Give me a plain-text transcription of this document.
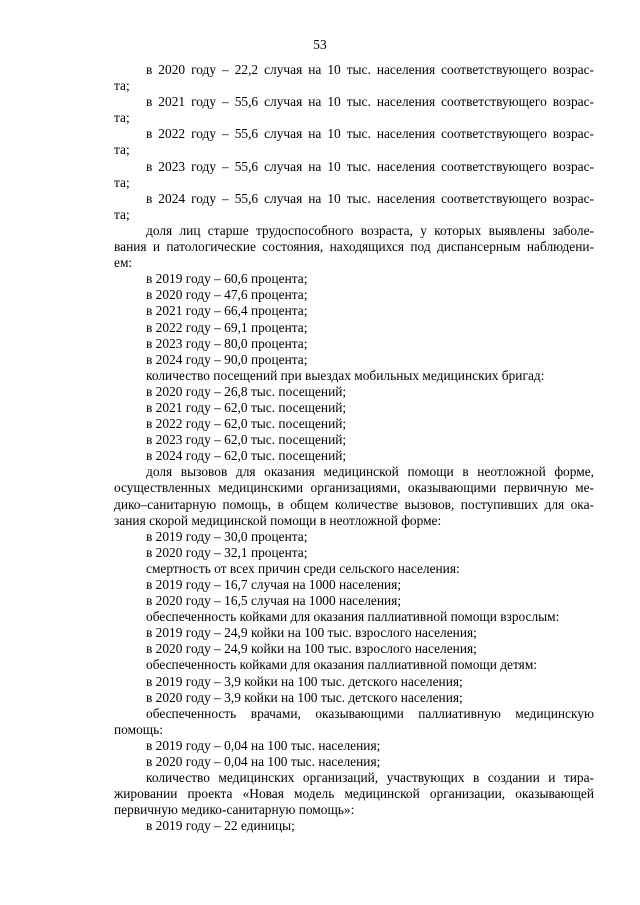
53
в 2020 году – 22,2 случая на 10 тыс. населения соответствующего возрас-
та;
в 2021 году – 55,6 случая на 10 тыс. населения соответствующего возрас-
та;
в 2022 году – 55,6 случая на 10 тыс. населения соответствующего возрас-
та;
в 2023 году – 55,6 случая на 10 тыс. населения соответствующего возрас-
та;
в 2024 году – 55,6 случая на 10 тыс. населения соответствующего возрас-
та;
доля лиц старше трудоспособного возраста, у которых выявлены заболе-
вания и патологические состояния, находящихся под диспансерным наблюдени-
ем:
в 2019 году – 60,6 процента;
в 2020 году – 47,6 процента;
в 2021 году – 66,4 процента;
в 2022 году – 69,1 процента;
в 2023 году – 80,0 процента;
в 2024 году – 90,0 процента;
количество посещений при выездах мобильных медицинских бригад:
в 2020 году – 26,8 тыс. посещений;
в 2021 году – 62,0 тыс. посещений;
в 2022 году – 62,0 тыс. посещений;
в 2023 году – 62,0 тыс. посещений;
в 2024 году – 62,0 тыс. посещений;
доля вызовов для оказания медицинской помощи в неотложной форме,
осуществленных медицинскими организациями, оказывающими первичную ме-
дико–санитарную помощь, в общем количестве вызовов, поступивших для ока-
зания скорой медицинской помощи в неотложной форме:
в 2019 году – 30,0 процента;
в 2020 году – 32,1 процента;
смертность от всех причин среди сельского населения:
в 2019 году – 16,7 случая на 1000 населения;
в 2020 году – 16,5 случая на 1000 населения;
обеспеченность койками для оказания паллиативной помощи взрослым:
в 2019 году – 24,9 койки на 100 тыс. взрослого населения;
в 2020 году – 24,9 койки на 100 тыс. взрослого населения;
обеспеченность койками для оказания паллиативной помощи детям:
в 2019 году – 3,9 койки на 100 тыс. детского населения;
в 2020 году – 3,9 койки на 100 тыс. детского населения;
обеспеченность врачами, оказывающими паллиативную медицинскую
помощь:
в 2019 году – 0,04 на 100 тыс. населения;
в 2020 году – 0,04 на 100 тыс. населения;
количество медицинских организаций, участвующих в создании и тира-
жировании проекта «Новая модель медицинской организации, оказывающей
первичную медико-санитарную помощь»:
в 2019 году – 22 единицы;
